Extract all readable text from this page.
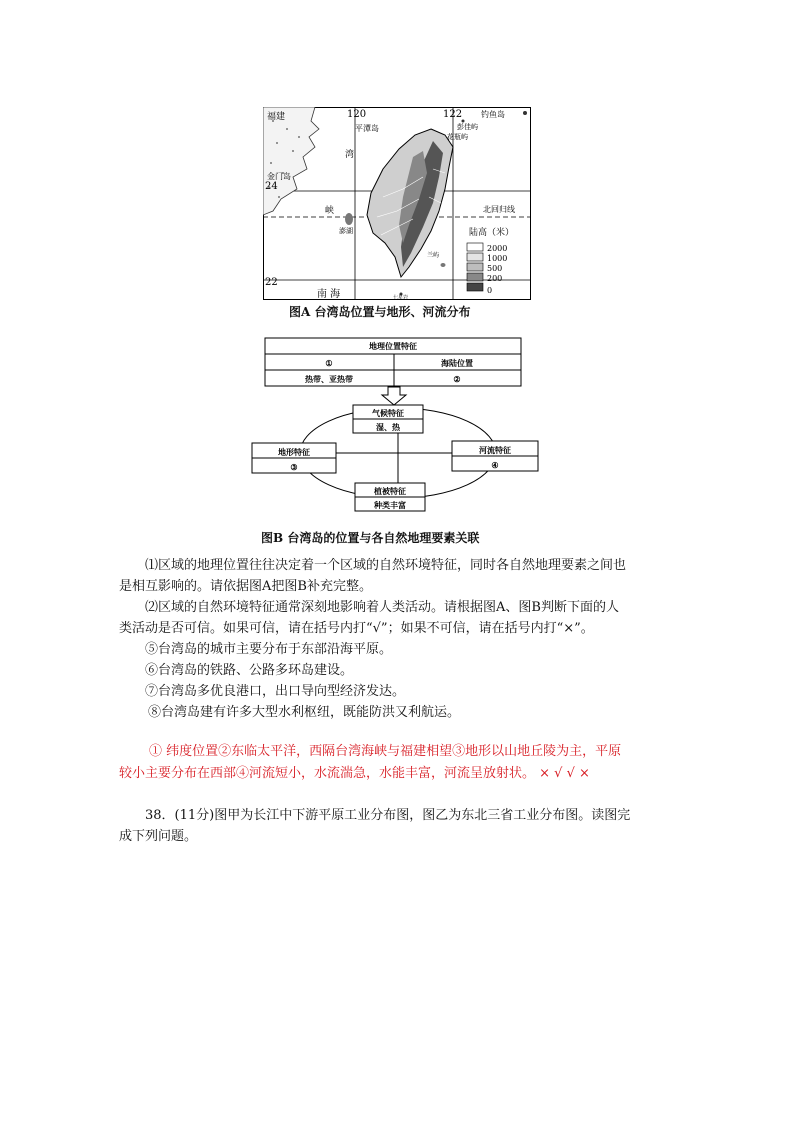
120	122
24
22
福建
平潭岛
金门岛
湾
峡
澎湖
钓鱼岛
彭佳屿
花瓶屿
南 海
兰屿
七星岩
北回归线
陆高（米）
2000
1000
500
200
0
图A 台湾岛位置与地形、河流分布
地理位置特征
①	海陆位置
热带、亚热带	②
气候特征
湿、热
地形特征
③
河流特征
④
植被特征
种类丰富
图B 台湾岛的位置与各自然地理要素关联
⑴区域的地理位置往往决定着一个区域的自然环境特征，同时各自然地理要素之间也
是相互影响的。请依据图A把图B补充完整。
⑵区域的自然环境特征通常深刻地影响着人类活动。请根据图A、图B判断下面的人
类活动是否可信。如果可信，请在括号内打“√”；如果不可信，请在括号内打“×”。
⑤台湾岛的城市主要分布于东部沿海平原。
⑥台湾岛的铁路、公路多环岛建设。
⑦台湾岛多优良港口，出口导向型经济发达。
⑧台湾岛建有许多大型水利枢纽，既能防洪又利航运。
① 纬度位置②东临太平洋，西隔台湾海峡与福建相望③地形以山地丘陵为主，平原
较小主要分布在西部④河流短小，水流湍急，水能丰富，河流呈放射状。 × √ √ ×
38．(11分)图甲为长江中下游平原工业分布图，图乙为东北三省工业分布图。读图完
成下列问题。
